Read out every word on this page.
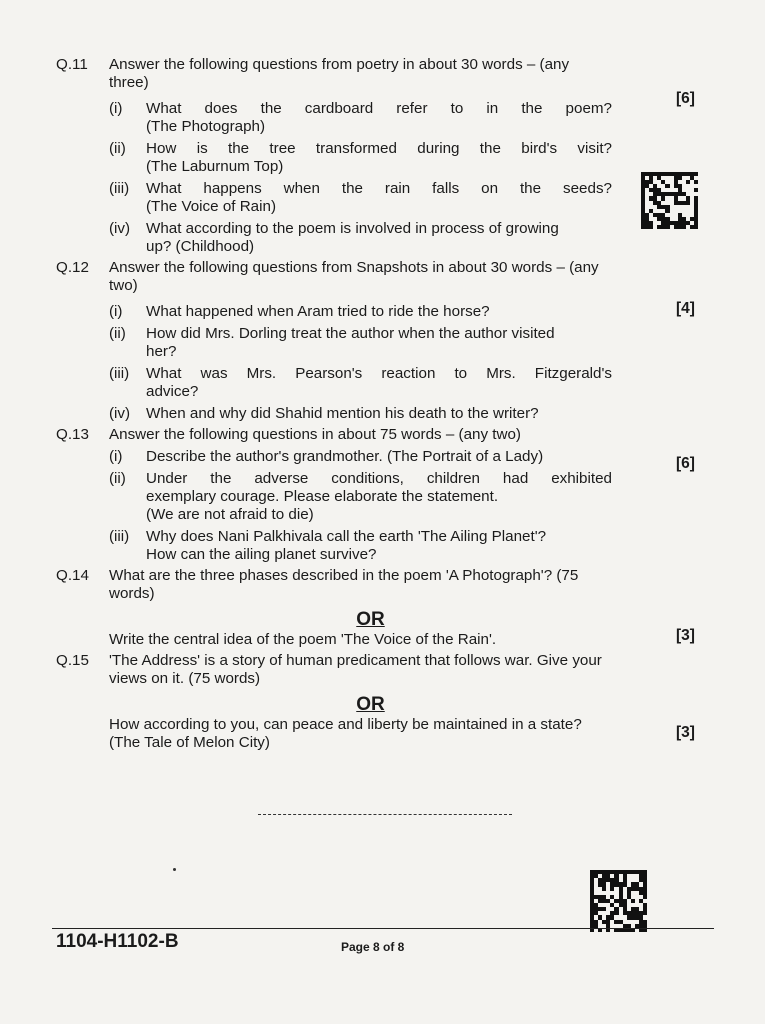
Q.11	Answer the following questions from poetry in about 30 words – (any three)
(i)	What does the cardboard refer to in the poem?
(The Photograph)
(ii)	How is the tree transformed during the bird's visit?
(The Laburnum Top)
(iii)	What happens when the rain falls on the seeds?
(The Voice of Rain)
(iv)	What according to the poem is involved in process of growing
up? (Childhood)
Q.12	Answer the following questions from Snapshots in about 30 words – (any two)
(i)	What happened when Aram tried to ride the horse?
(ii)	How did Mrs. Dorling treat the author when the author visited
her?
(iii)	What was Mrs. Pearson's reaction to Mrs. Fitzgerald's
advice?
(iv)	When and why did Shahid mention his death to the writer?
Q.13	Answer the following questions in about 75 words – (any two)
(i)	Describe the author's grandmother. (The Portrait of a Lady)
(ii)	Under the adverse conditions, children had exhibited
exemplary courage. Please elaborate the statement.
(We are not afraid to die)
(iii)	Why does Nani Palkhivala call the earth 'The Ailing Planet'?
How can the ailing planet survive?
Q.14	What are the three phases described in the poem 'A Photograph'? (75 words)
OR
Write the central idea of the poem 'The Voice of the Rain'.
Q.15	'The Address' is a story of human predicament that follows war. Give your views on it. (75 words)
OR
How according to you, can peace and liberty be maintained in a state? (The Tale of Melon City)
[6]
[4]
[6]
[3]
[3]
1104-H1102-B	Page 8 of 8
